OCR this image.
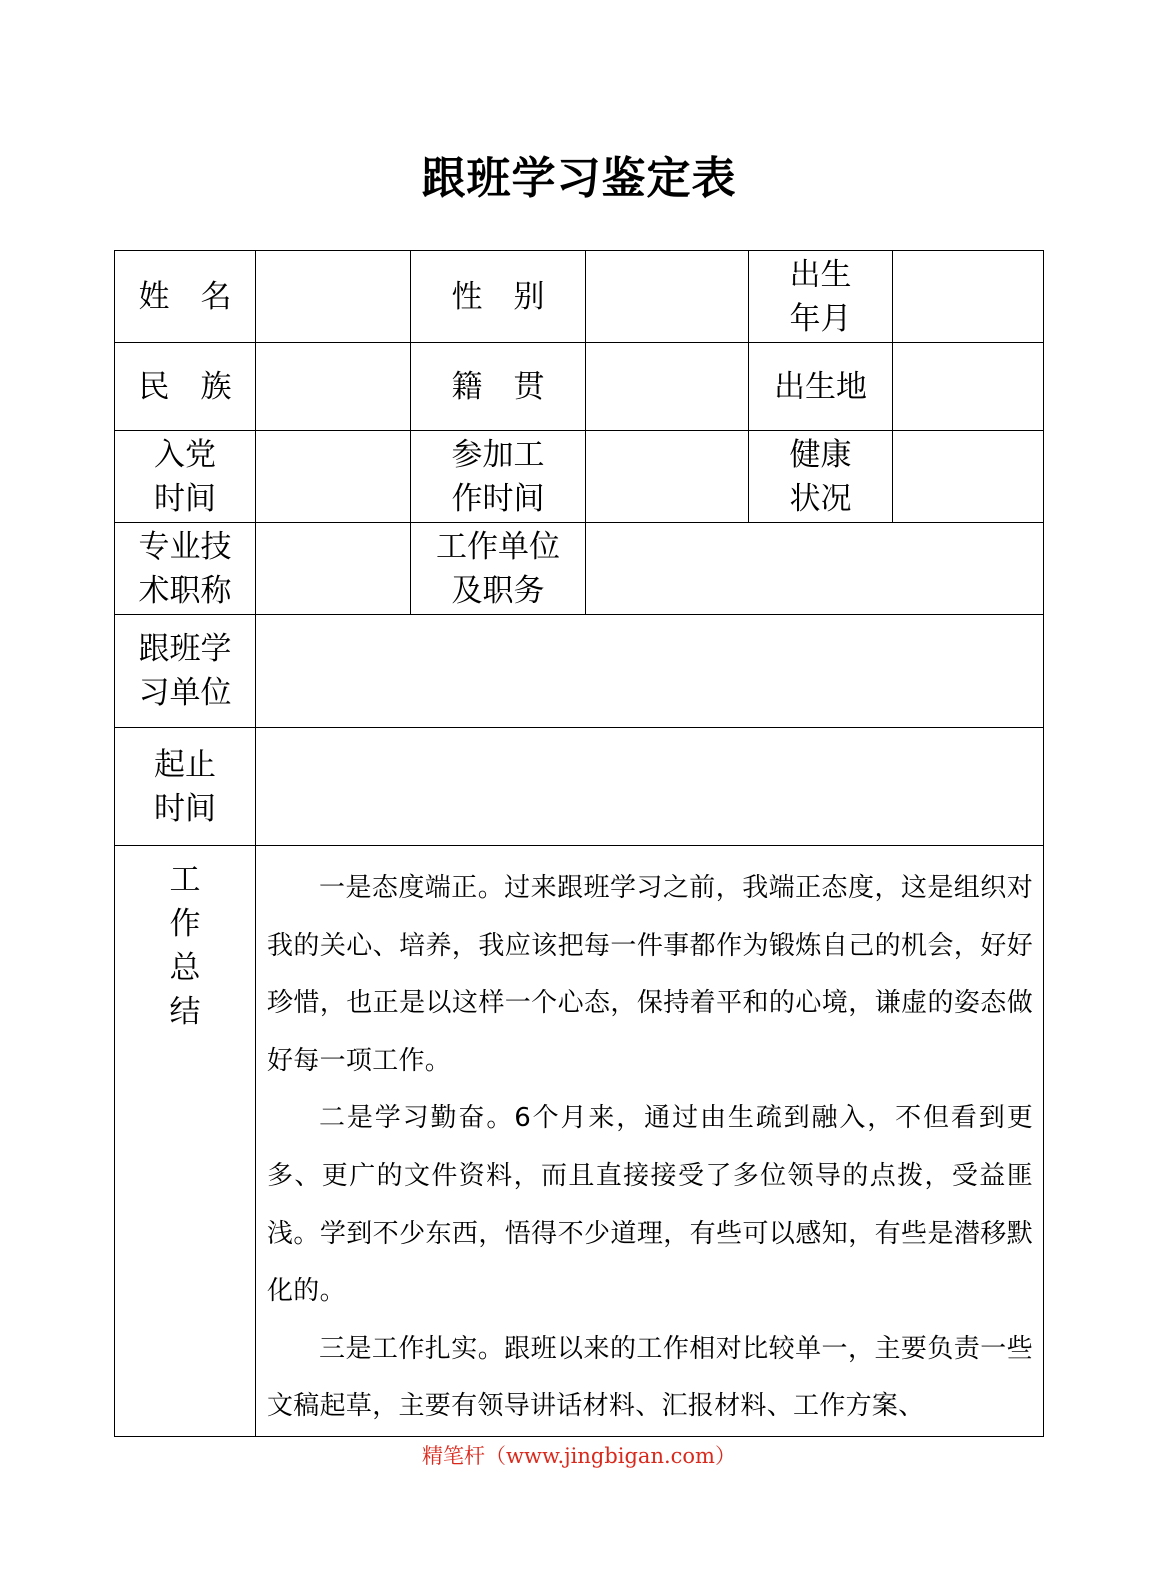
跟班学习鉴定表
姓　名		性　别		出生年月	
民　族		籍　贯		出生地	
入党时间		参加工作时间		健康状况	
专业技术职称		工作单位及职务			
跟班学习单位					
起止时间					
工作总结	一是态度端正。过来跟班学习之前，我端正态度，这是组织对我的关心、培养，我应该把每一件事都作为锻炼自己的机会，好好珍惜，也正是以这样一个心态，保持着平和的心境，谦虚的姿态做好每一项工作。

二是学习勤奋。6个月来，通过由生疏到融入，不但看到更多、更广的文件资料，而且直接接受了多位领导的点拨，受益匪浅。学到不少东西，悟得不少道理，有些可以感知，有些是潜移默化的。

三是工作扎实。跟班以来的工作相对比较单一，主要负责一些文稿起草，主要有领导讲话材料、汇报材料、工作方案、				

精笔杆（www.jingbigan.com）
